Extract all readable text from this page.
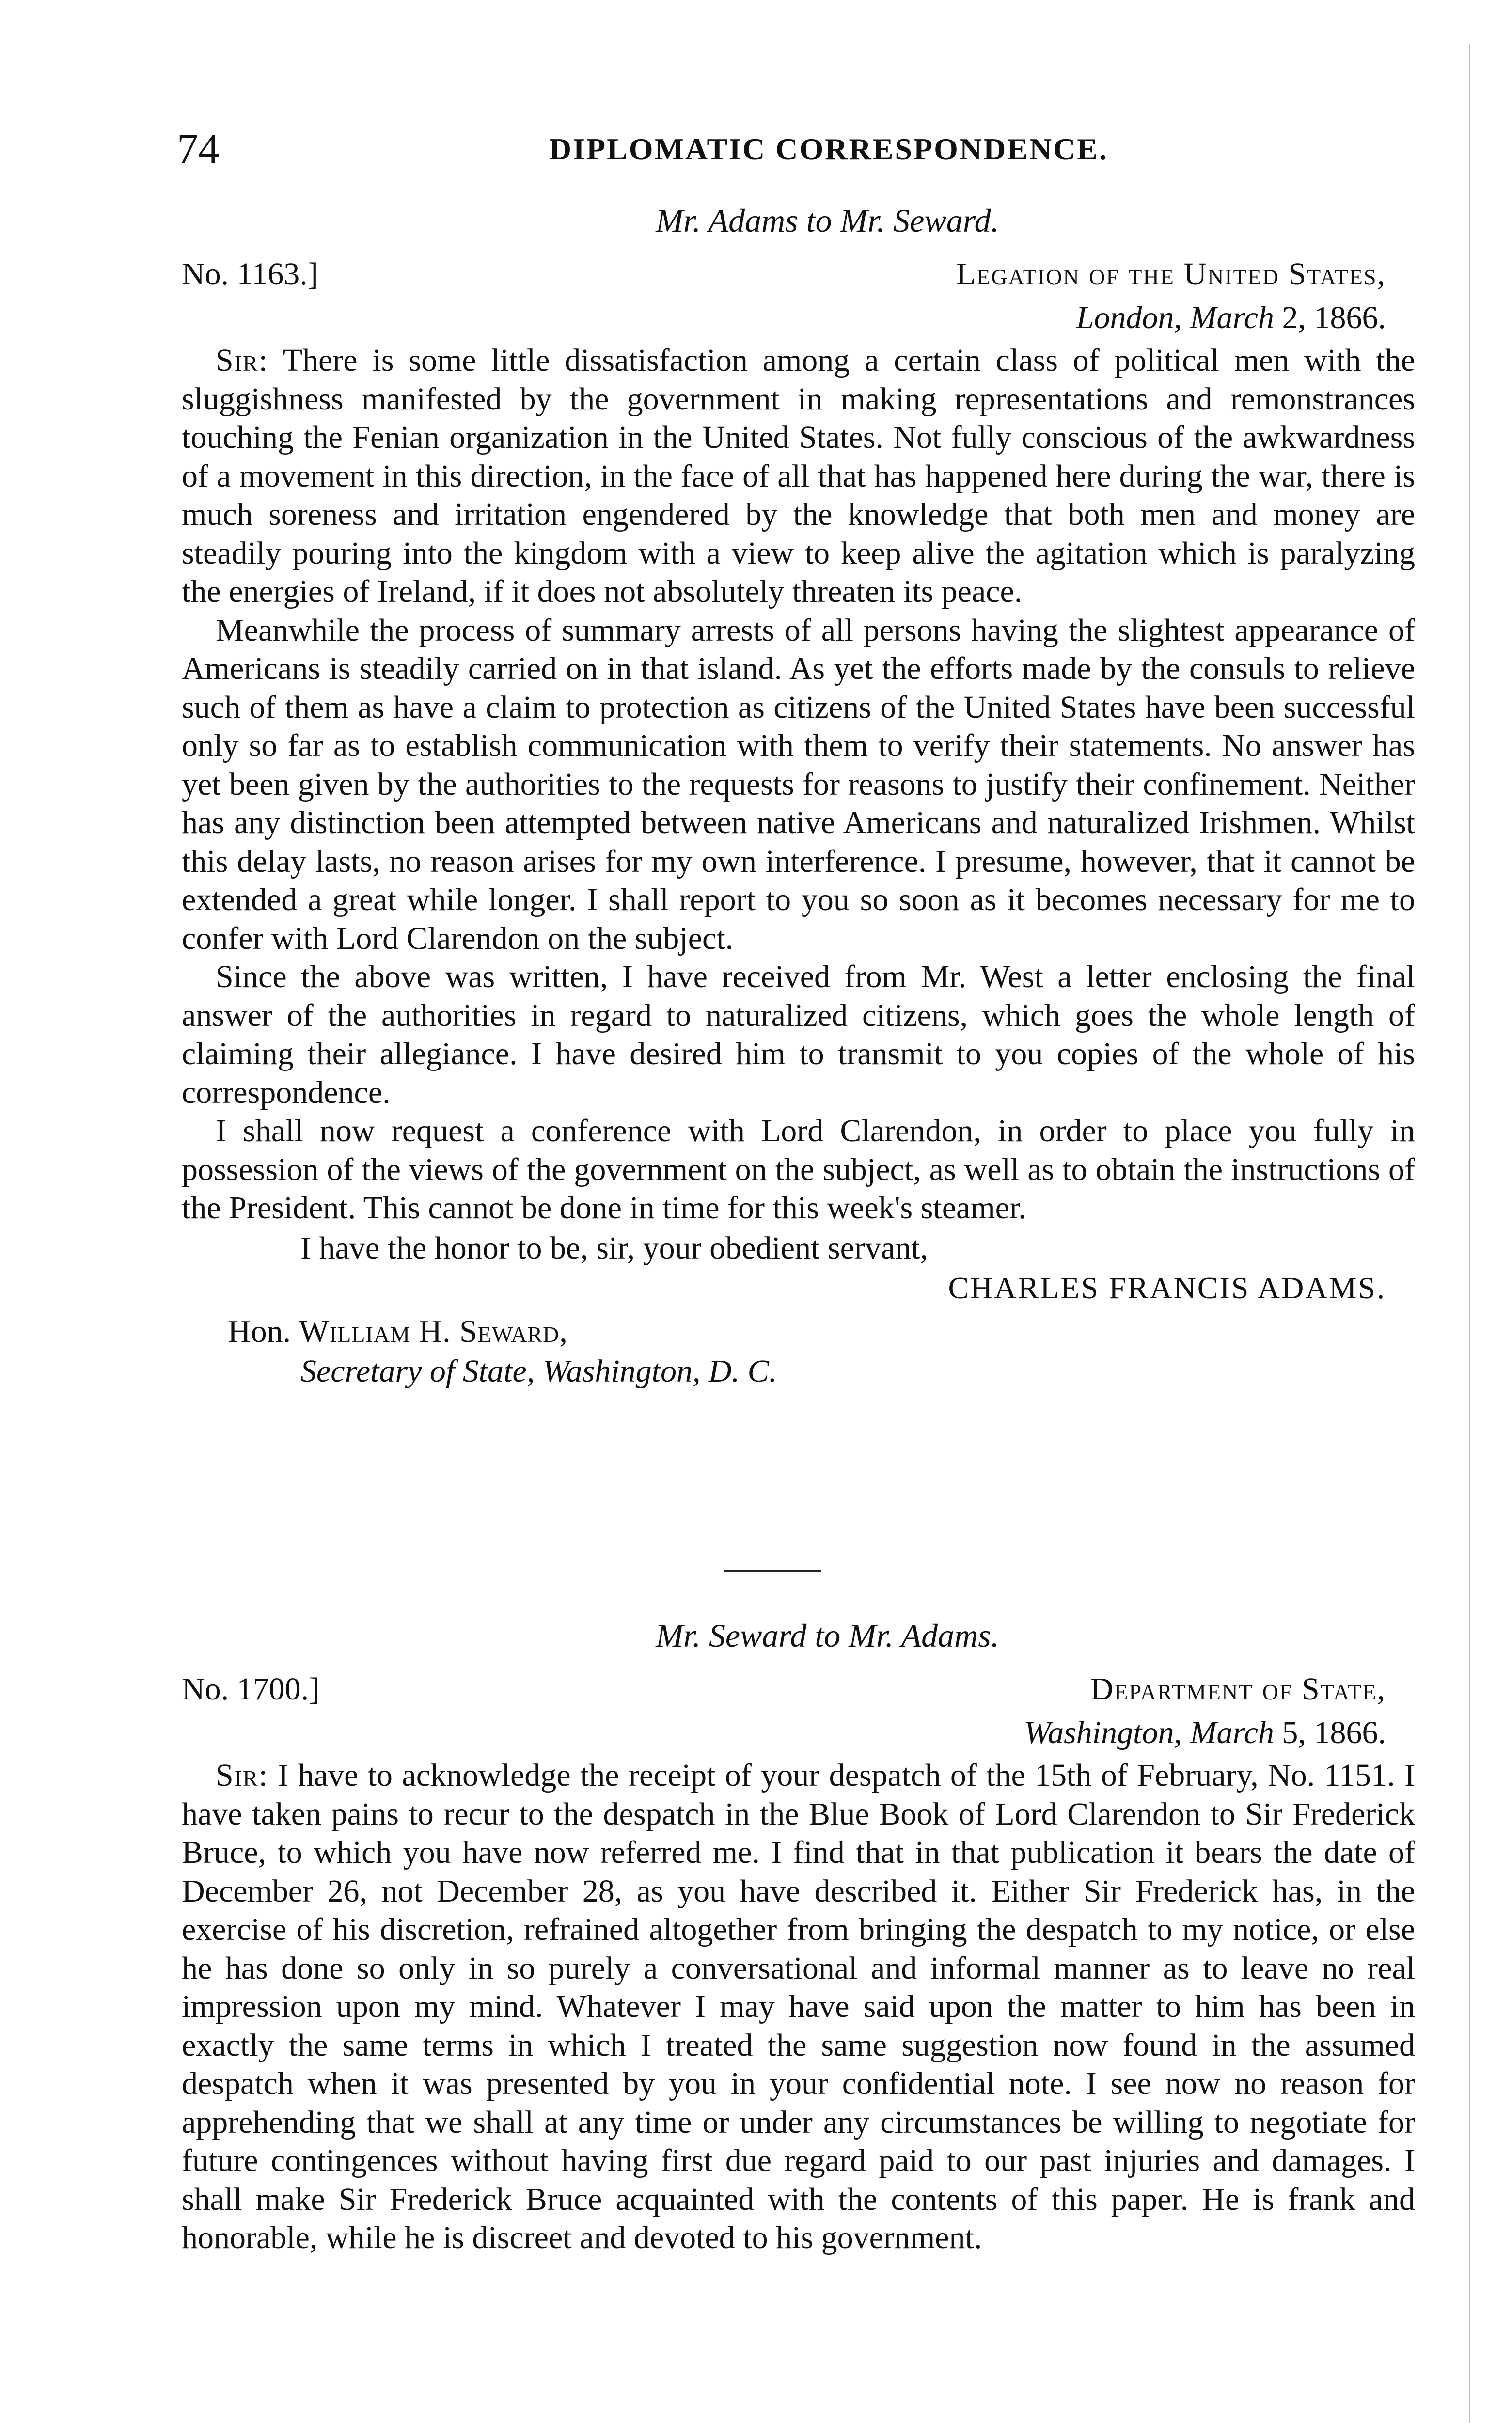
74	DIPLOMATIC CORRESPONDENCE.
Mr. Adams to Mr. Seward.
No. 1163.]	Legation of the United States,
London, March 2, 1866.

Sir: There is some little dissatisfaction among a certain class of political men with the sluggishness manifested by the government in making representations and remonstrances touching the Fenian organization in the United States. Not fully conscious of the awkwardness of a movement in this direction, in the face of all that has happened here during the war, there is much soreness and irritation engendered by the knowledge that both men and money are steadily pouring into the kingdom with a view to keep alive the agitation which is paralyzing the energies of Ireland, if it does not absolutely threaten its peace.

Meanwhile the process of summary arrests of all persons having the slightest appearance of Americans is steadily carried on in that island. As yet the efforts made by the consuls to relieve such of them as have a claim to protection as citizens of the United States have been successful only so far as to establish communication with them to verify their statements. No answer has yet been given by the authorities to the requests for reasons to justify their confinement. Neither has any distinction been attempted between native Americans and naturalized Irishmen. Whilst this delay lasts, no reason arises for my own interference. I presume, however, that it cannot be extended a great while longer. I shall report to you so soon as it becomes necessary for me to confer with Lord Clarendon on the subject.

Since the above was written, I have received from Mr. West a letter enclosing the final answer of the authorities in regard to naturalized citizens, which goes the whole length of claiming their allegiance. I have desired him to transmit to you copies of the whole of his correspondence.

I shall now request a conference with Lord Clarendon, in order to place you fully in possession of the views of the government on the subject, as well as to obtain the instructions of the President. This cannot be done in time for this week's steamer.

I have the honor to be, sir, your obedient servant,
CHARLES FRANCIS ADAMS.
Hon. William H. Seward,
Secretary of State, Washington, D. C.
Mr. Seward to Mr. Adams.
No. 1700.]	Department of State,
Washington, March 5, 1866.

Sir: I have to acknowledge the receipt of your despatch of the 15th of February, No. 1151. I have taken pains to recur to the despatch in the Blue Book of Lord Clarendon to Sir Frederick Bruce, to which you have now referred me. I find that in that publication it bears the date of December 26, not December 28, as you have described it. Either Sir Frederick has, in the exercise of his discretion, refrained altogether from bringing the despatch to my notice, or else he has done so only in so purely a conversational and informal manner as to leave no real impression upon my mind. Whatever I may have said upon the matter to him has been in exactly the same terms in which I treated the same suggestion now found in the assumed despatch when it was presented by you in your confidential note. I see now no reason for apprehending that we shall at any time or under any circumstances be willing to negotiate for future contingences without having first due regard paid to our past injuries and damages. I shall make Sir Frederick Bruce acquainted with the contents of this paper. He is frank and honorable, while he is discreet and devoted to his government.
